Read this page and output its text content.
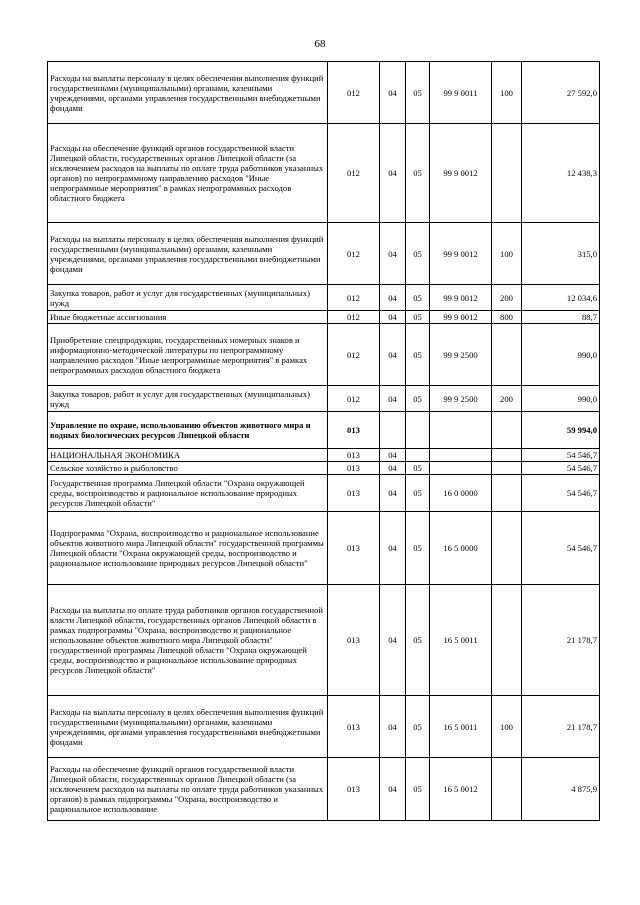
68
Расходы на выплаты персоналу в целях обеспечения выполнения функций государственными (муниципальными) органами, казенными учреждениями, органами управления государственными внебюджетными фондами	012	04	05	99 9 0011	100	27 592,0
Расходы на обеспечение функций органов государственной власти Липецкой области, государственных органов Липецкой области (за исключением расходов на выплаты по оплате труда работников указанных органов) по непрограммному направлению расходов "Иные непрограммные мероприятия" в рамках непрограммных расходов областного бюджета	012	04	05	99 9 0012		12 438,3
Расходы на выплаты персоналу в целях обеспечения выполнения функций государственными (муниципальными) органами, казенными учреждениями, органами управления государственными внебюджетными фондами	012	04	05	99 9 0012	100	315,0
Закупка товаров, работ и услуг для государственных (муниципальных) нужд	012	04	05	99 9 0012	200	12 034,6
Иные бюджетные ассигнования	012	04	05	99 9 0012	800	88,7
Приобретение спецпродукции, государственных номерных знаков и информационно-методической литературы по непрограммному направлению расходов "Иные непрограммные мероприятия" в рамках непрограммных расходов областного бюджета	012	04	05	99 9 2500		990,0
Закупка товаров, работ и услуг для государственных (муниципальных) нужд	012	04	05	99 9 2500	200	990,0
Управление по охране, использованию объектов животного мира и водных биологических ресурсов Липецкой области	013					59 994,0
НАЦИОНАЛЬНАЯ ЭКОНОМИКА	013	04				54 546,7
Сельское хозяйство и рыболовство	013	04	05			54 546,7
Государственная программа Липецкой области "Охрана окружающей среды, воспроизводство и рациональное использование природных ресурсов Липецкой области"	013	04	05	16 0 0000		54 546,7
Подпрограмма "Охрана, воспроизводство и рациональное использование объектов животного мира Липецкой области" государственной программы Липецкой области "Охрана окружающей среды, воспроизводство и рациональное использование природных ресурсов Липецкой области"	013	04	05	16 5 0000		54 546,7
Расходы на выплаты по оплате труда работников органов государственной власти Липецкой области, государственных органов Липецкой области в рамках подпрограммы "Охрана, воспроизводство и рациональное использование объектов животного мира Липецкой области" государственной программы Липецкой области "Охрана окружающей среды, воспроизводство и рациональное использование природных ресурсов Липецкой области"	013	04	05	16 5 0011		21 178,7
Расходы на выплаты персоналу в целях обеспечения выполнения функций государственными (муниципальными) органами, казенными учреждениями, органами управления государственными внебюджетными фондами	013	04	05	16 5 0011	100	21 178,7
Расходы на обеспечение функций органов государственной власти Липецкой области, государственных органов Липецкой области (за исключением расходов на выплаты по оплате труда работников указанных органов) в рамках подпрограммы "Охрана, воспроизводство и рациональное использование	013	04	05	16 5 0012		4 875,9
